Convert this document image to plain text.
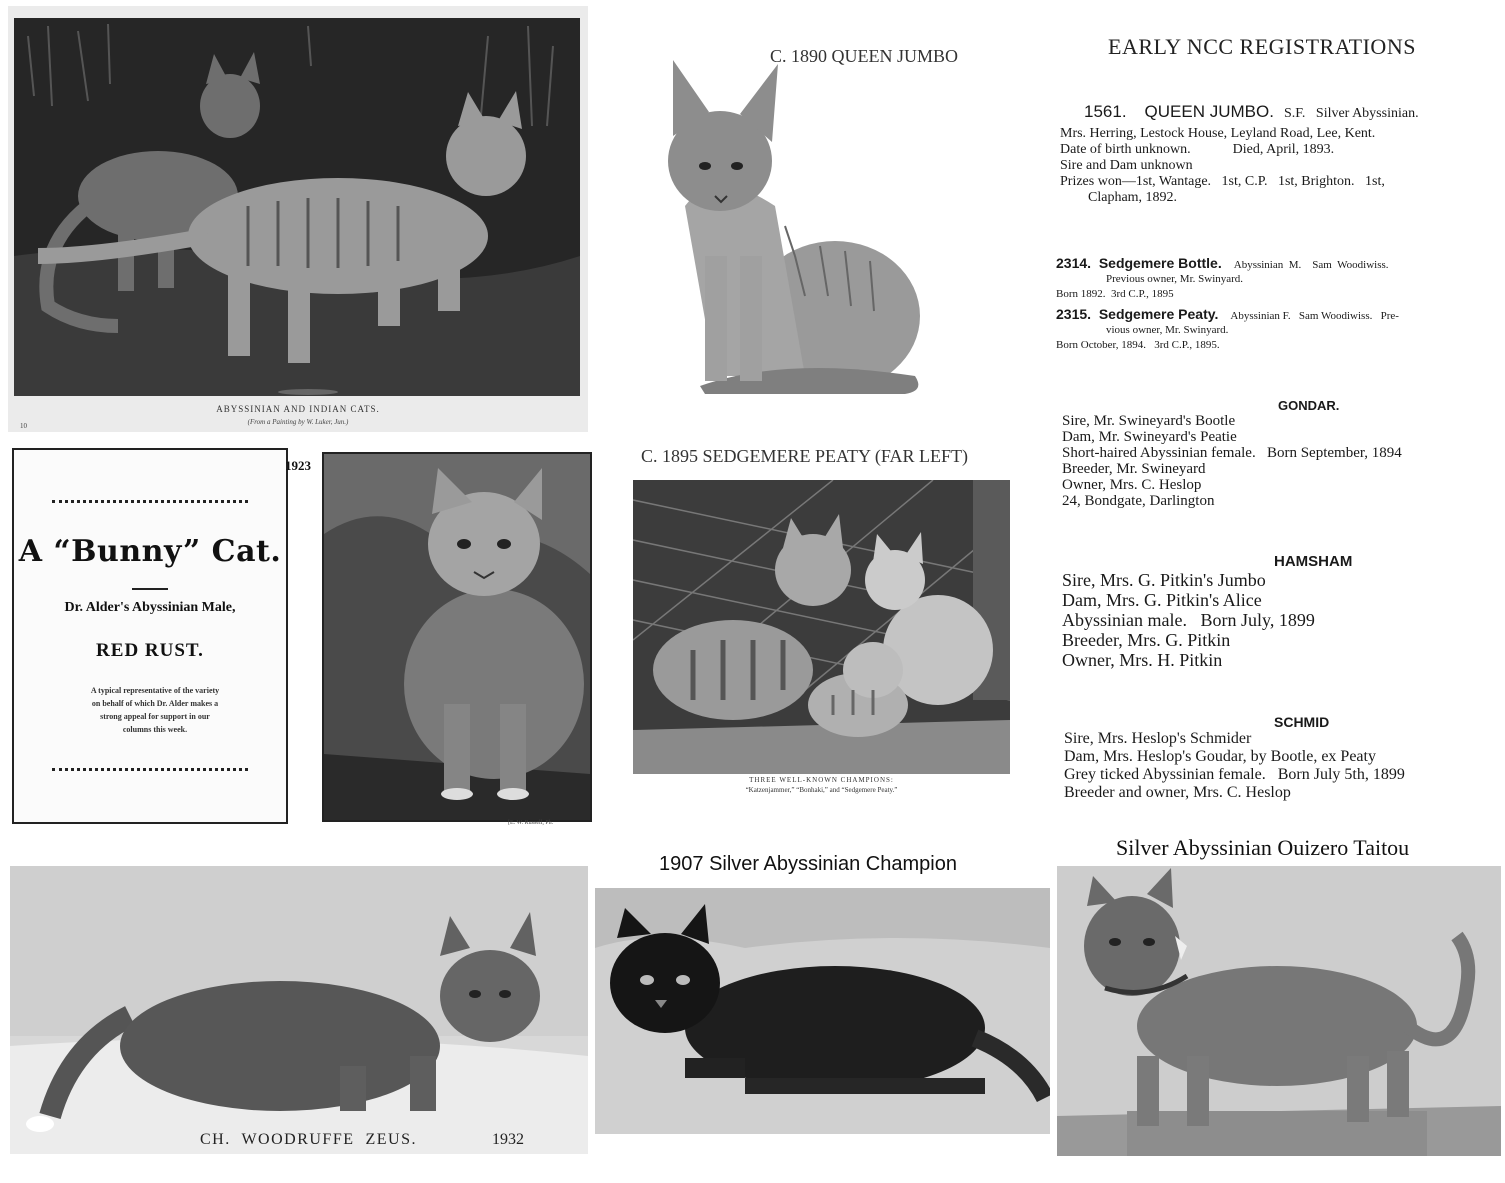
ABYSSINIAN AND INDIAN CATS.
(From a Painting by W. Luker, Jun.)
10
C. 1890 QUEEN JUMBO	EARLY NCC REGISTRATIONS
1561. QUEEN JUMBO. S.F.   Silver Abyssinian.
Mrs. Herring, Lestock House, Leyland Road, Lee, Kent.
Date of birth unknown.            Died, April, 1893.
Sire and Dam unknown
Prizes won—1st, Wantage.   1st, C.P.   1st, Brighton.   1st,
Clapham, 1892.
2314.  Sedgemere Bottle. Abyssinian  M.    Sam  Woodiwiss.
Previous owner, Mr. Swinyard.
Born 1892.  3rd C.P., 1895
2315.  Sedgemere Peaty. Abyssinian F.   Sam Woodiwiss.   Pre-
vious owner, Mr. Swinyard.
Born October, 1894.   3rd C.P., 1895.
GONDAR.
Sire, Mr. Swineyard's Bootle
Dam, Mr. Swineyard's Peatie
Short-haired Abyssinian female.   Born September, 1894
Breeder, Mr. Swineyard
Owner, Mrs. C. Heslop
24, Bondgate, Darlington
HAMSHAM
Sire, Mrs. G. Pitkin's Jumbo
Dam, Mrs. G. Pitkin's Alice
Abyssinian male.   Born July, 1899
Breeder, Mrs. G. Pitkin
Owner, Mrs. H. Pitkin
SCHMID
Sire, Mrs. Heslop's Schmider
Dam, Mrs. Heslop's Goudar, by Bootle, ex Peaty
Grey ticked Abyssinian female.   Born July 5th, 1899
Breeder and owner, Mrs. C. Heslop
A “Bunny” Cat.
Dr. Alder's Abyssinian Male,
RED RUST.
A typical representative of the variety
on behalf of which Dr. Alder makes a
strong appeal for support in our
columns this week.
1923
[E. W. Russell, Ph.
C. 1895 SEDGEMERE PEATY (FAR LEFT)
THREE WELL-KNOWN CHAMPIONS:
“Katzenjammer,” “Bonhaki,” and “Sedgemere Peaty.”
CH.  WOODRUFFE  ZEUS.	1932
1907 Silver Abyssinian Champion
Silver Abyssinian Ouizero Taitou
